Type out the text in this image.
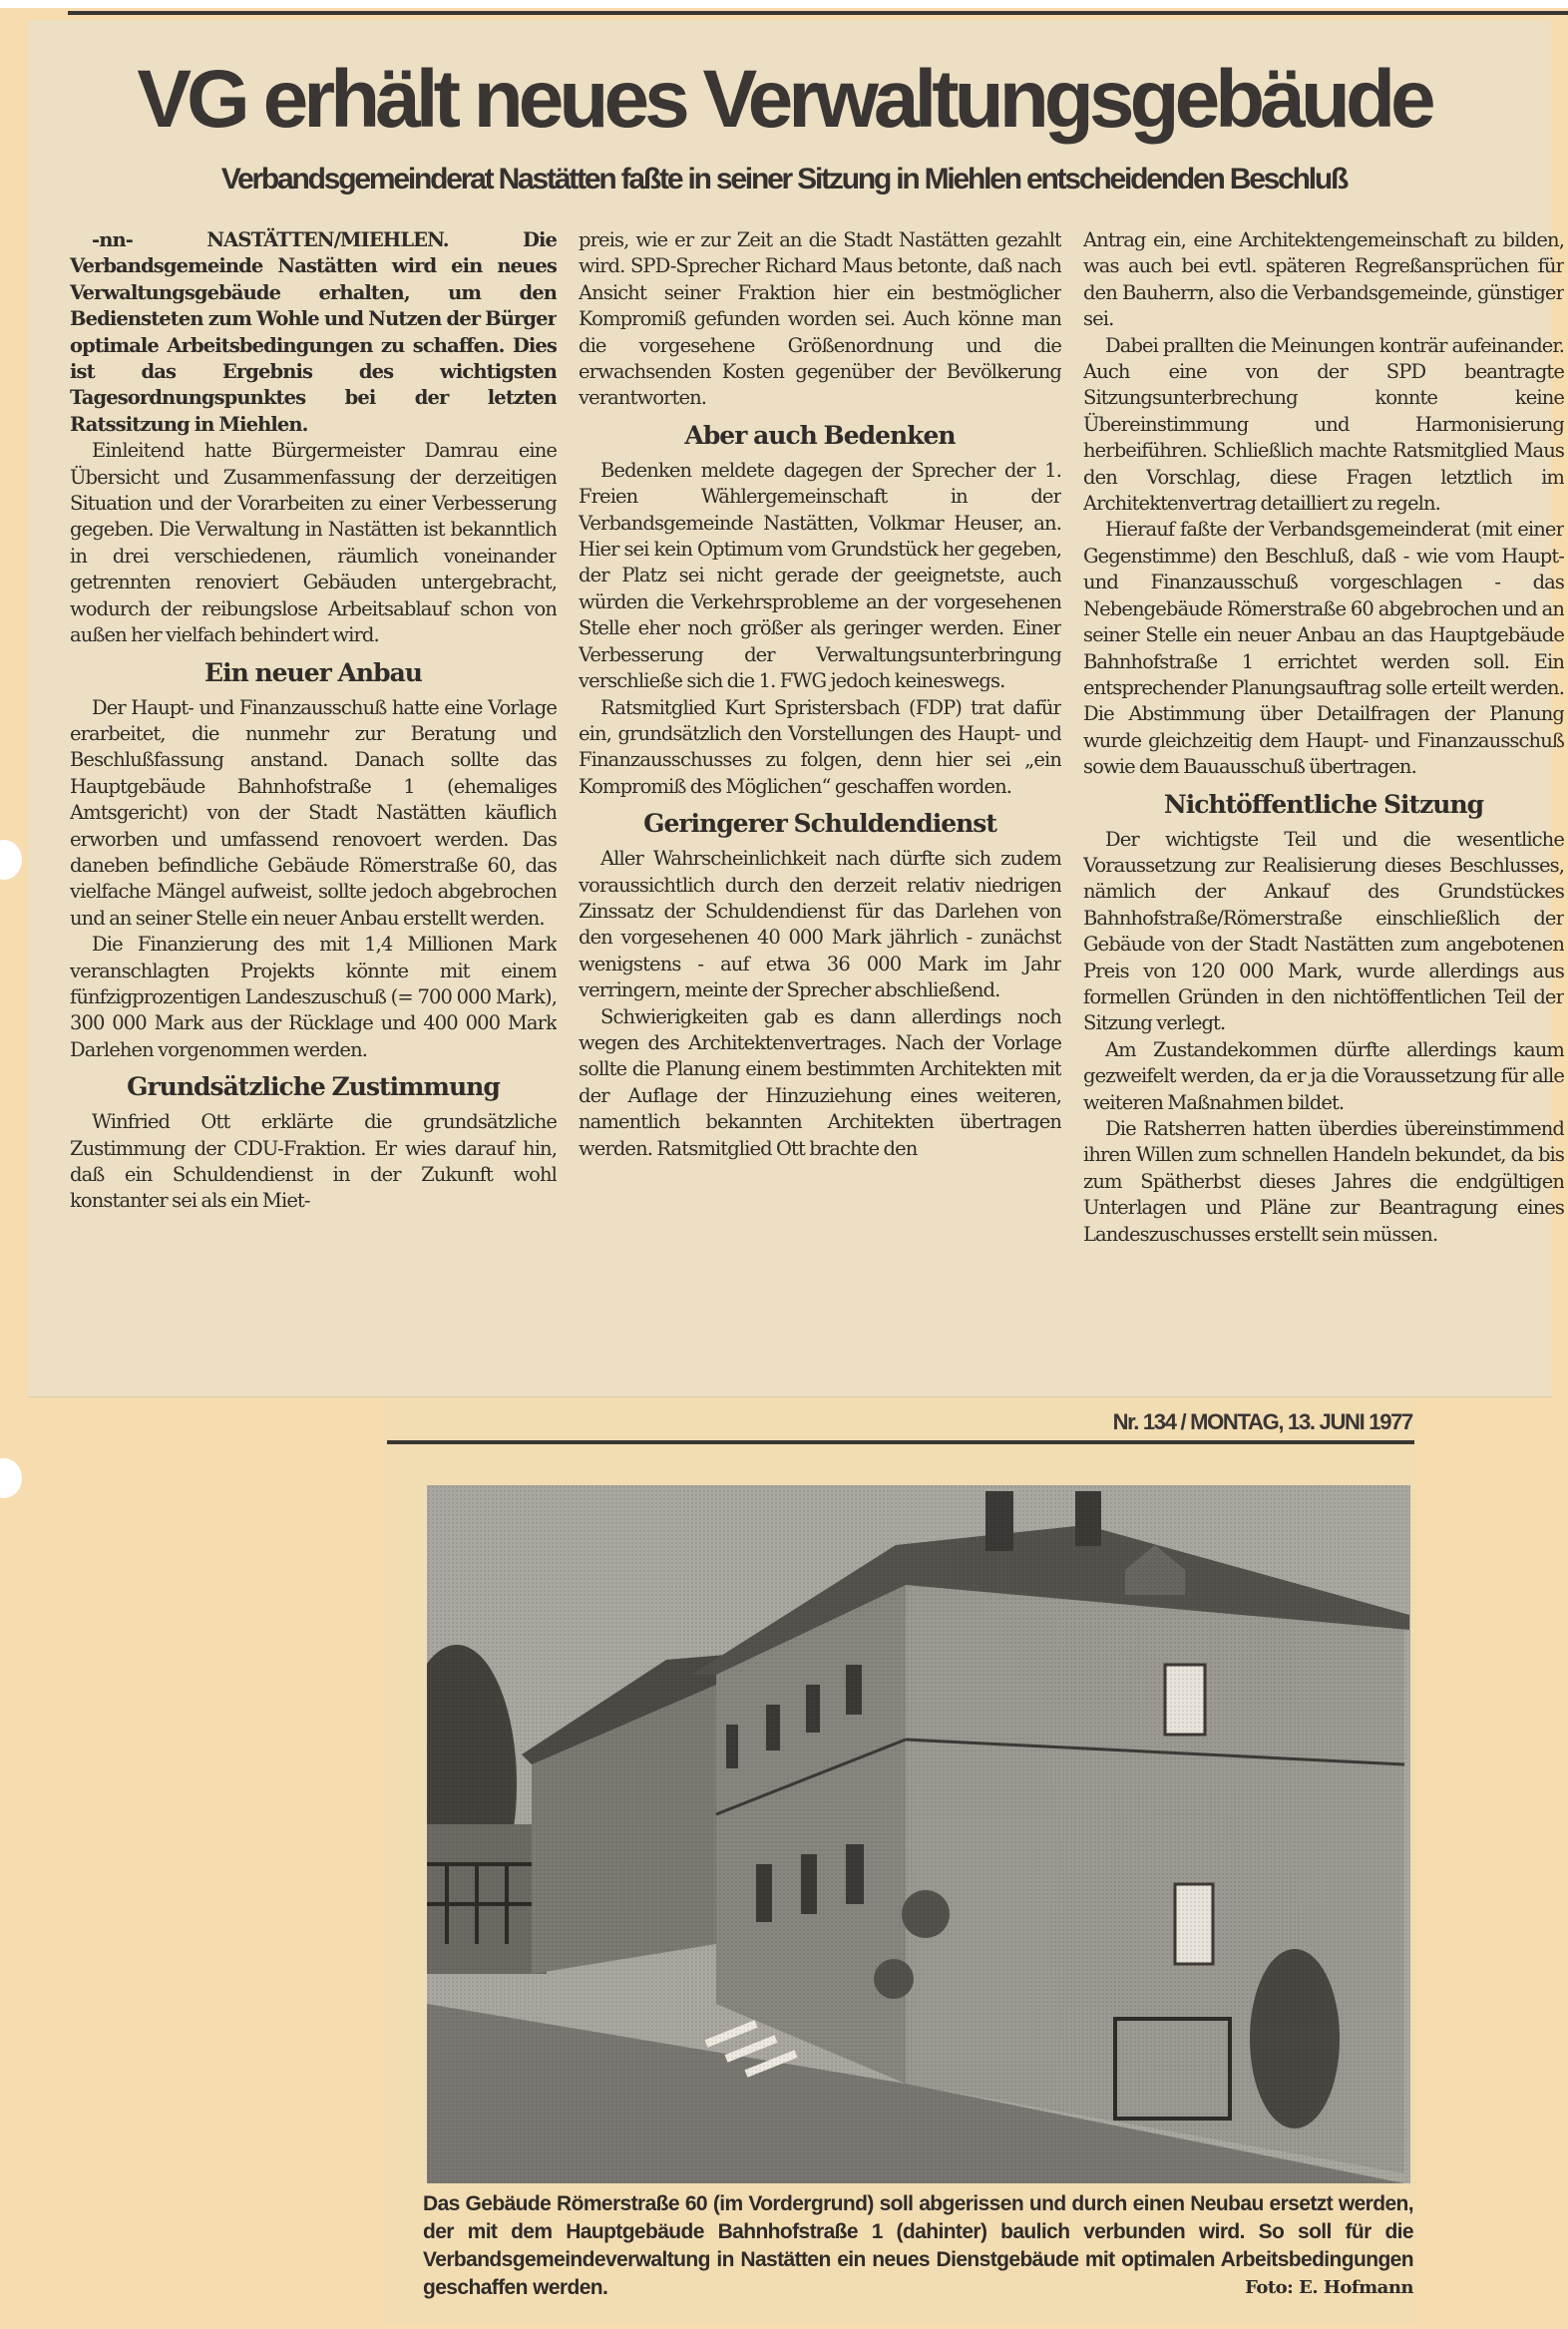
VG erhält neues Verwaltungsgebäude
Verbandsgemeinderat Nastätten faßte in seiner Sitzung in Miehlen entscheidenden Beschluß

-nn- NASTÄTTEN/MIEHLEN. Die Verbandsgemeinde Nastätten wird ein neues Verwaltungsgebäude erhalten, um den Bediensteten zum Wohle und Nutzen der Bürger optimale Arbeitsbedingungen zu schaffen. Dies ist das Ergebnis des wichtigsten Tagesordnungspunktes bei der letzten Ratssitzung in Miehlen.

Einleitend hatte Bürgermeister Damrau eine Übersicht und Zusammenfassung der derzeitigen Situation und der Vorarbeiten zu einer Verbesserung gegeben. Die Verwaltung in Nastätten ist bekanntlich in drei verschiedenen, räumlich voneinander getrennten renoviert Gebäuden untergebracht, wodurch der reibungslose Arbeitsablauf schon von außen her vielfach behindert wird.

Ein neuer Anbau

Der Haupt- und Finanzausschuß hatte eine Vorlage erarbeitet, die nunmehr zur Beratung und Beschlußfassung anstand. Danach sollte das Hauptgebäude Bahnhofstraße 1 (ehemaliges Amtsgericht) von der Stadt Nastätten käuflich erworben und umfassend renovoert werden. Das daneben befindliche Gebäude Römerstraße 60, das vielfache Mängel aufweist, sollte jedoch abgebrochen und an seiner Stelle ein neuer Anbau erstellt werden.

Die Finanzierung des mit 1,4 Millionen Mark veranschlagten Projekts könnte mit einem fünfzigprozentigen Landeszuschuß (= 700 000 Mark), 300 000 Mark aus der Rücklage und 400 000 Mark Darlehen vorgenommen werden.

Grundsätzliche Zustimmung

Winfried Ott erklärte die grundsätzliche Zustimmung der CDU-Fraktion. Er wies darauf hin, daß ein Schuldendienst in der Zukunft wohl konstanter sei als ein Miet-

preis, wie er zur Zeit an die Stadt Nastätten gezahlt wird. SPD-Sprecher Richard Maus betonte, daß nach Ansicht seiner Fraktion hier ein bestmöglicher Kompromiß gefunden worden sei. Auch könne man die vorgesehene Größenordnung und die erwachsenden Kosten gegenüber der Bevölkerung verantworten.

Aber auch Bedenken

Bedenken meldete dagegen der Sprecher der 1. Freien Wählergemeinschaft in der Verbandsgemeinde Nastätten, Volkmar Heuser, an. Hier sei kein Optimum vom Grundstück her gegeben, der Platz sei nicht gerade der geeignetste, auch würden die Verkehrsprobleme an der vorgesehenen Stelle eher noch größer als geringer werden. Einer Verbesserung der Verwaltungsunterbringung verschließe sich die 1. FWG jedoch keineswegs.

Ratsmitglied Kurt Spristersbach (FDP) trat dafür ein, grundsätzlich den Vorstellungen des Haupt- und Finanzausschusses zu folgen, denn hier sei „ein Kompromiß des Möglichen“ geschaffen worden.

Geringerer Schuldendienst

Aller Wahrscheinlichkeit nach dürfte sich zudem voraussichtlich durch den derzeit relativ niedrigen Zinssatz der Schuldendienst für das Darlehen von den vorgesehenen 40 000 Mark jährlich - zunächst wenigstens - auf etwa 36 000 Mark im Jahr verringern, meinte der Sprecher abschließend.

Schwierigkeiten gab es dann allerdings noch wegen des Architektenvertrages. Nach der Vorlage sollte die Planung einem bestimmten Architekten mit der Auflage der Hinzuziehung eines weiteren, namentlich bekannten Architekten übertragen werden. Ratsmitglied Ott brachte den

Antrag ein, eine Architektengemeinschaft zu bilden, was auch bei evtl. späteren Regreßansprüchen für den Bauherrn, also die Verbandsgemeinde, günstiger sei.

Dabei prallten die Meinungen konträr aufeinander. Auch eine von der SPD beantragte Sitzungsunterbrechung konnte keine Übereinstimmung und Harmonisierung herbeiführen. Schließlich machte Ratsmitglied Maus den Vorschlag, diese Fragen letztlich im Architektenvertrag detailliert zu regeln.

Hierauf faßte der Verbandsgemeinderat (mit einer Gegenstimme) den Beschluß, daß - wie vom Haupt- und Finanzausschuß vorgeschlagen - das Nebengebäude Römerstraße 60 abgebrochen und an seiner Stelle ein neuer Anbau an das Hauptgebäude Bahnhofstraße 1 errichtet werden soll. Ein entsprechender Planungsauftrag solle erteilt werden. Die Abstimmung über Detailfragen der Planung wurde gleichzeitig dem Haupt- und Finanzausschuß sowie dem Bauausschuß übertragen.

Nichtöffentliche Sitzung

Der wichtigste Teil und die wesentliche Voraussetzung zur Realisierung dieses Beschlusses, nämlich der Ankauf des Grundstückes Bahnhofstraße/Römerstraße einschließlich der Gebäude von der Stadt Nastätten zum angebotenen Preis von 120 000 Mark, wurde allerdings aus formellen Gründen in den nichtöffentlichen Teil der Sitzung verlegt.

Am Zustandekommen dürfte allerdings kaum gezweifelt werden, da er ja die Voraussetzung für alle weiteren Maßnahmen bildet.

Die Ratsherren hatten überdies übereinstimmend ihren Willen zum schnellen Handeln bekundet, da bis zum Spätherbst dieses Jahres die endgültigen Unterlagen und Pläne zur Beantragung eines Landeszuschusses erstellt sein müssen.

Nr. 134 / MONTAG, 13. JUNI 1977
Das Gebäude Römerstraße 60 (im Vordergrund) soll abgerissen und durch einen Neubau ersetzt werden, der mit dem Hauptgebäude Bahnhofstraße 1 (dahinter) baulich verbunden wird. So soll für die Verbandsgemeindeverwaltung in Nastätten ein neues Dienstgebäude mit optimalen Arbeitsbedingungen geschaffen werden.	Foto: E. Hofmann
